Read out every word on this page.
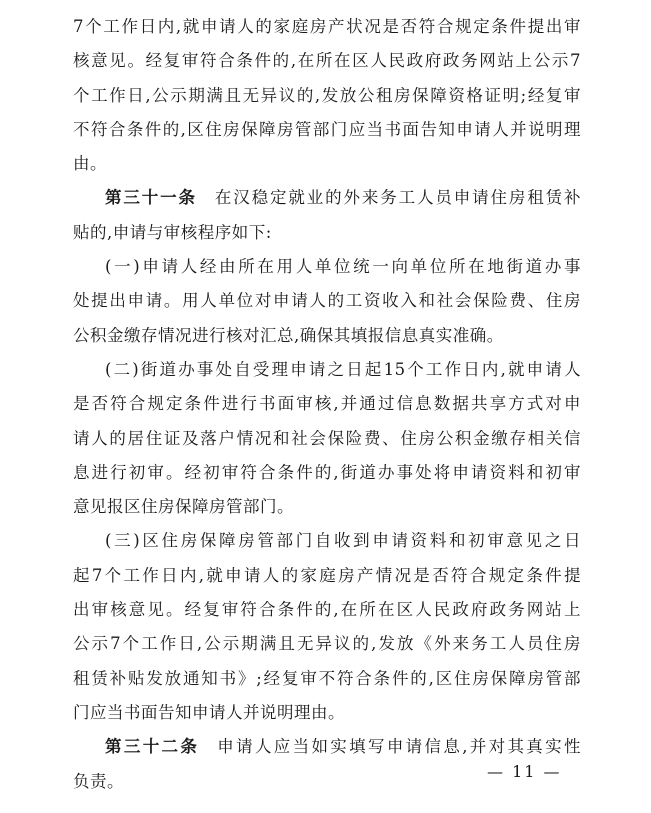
7个工作日内,就申请人的家庭房产状况是否符合规定条件提出审
核意见。经复审符合条件的,在所在区人民政府政务网站上公示7
个工作日,公示期满且无异议的,发放公租房保障资格证明;经复审
不符合条件的,区住房保障房管部门应当书面告知申请人并说明理
由。
第三十一条 在汉稳定就业的外来务工人员申请住房租赁补
贴的,申请与审核程序如下:
(一)申请人经由所在用人单位统一向单位所在地街道办事
处提出申请。用人单位对申请人的工资收入和社会保险费、住房
公积金缴存情况进行核对汇总,确保其填报信息真实准确。
(二)街道办事处自受理申请之日起15个工作日内,就申请人
是否符合规定条件进行书面审核,并通过信息数据共享方式对申
请人的居住证及落户情况和社会保险费、住房公积金缴存相关信
息进行初审。经初审符合条件的,街道办事处将申请资料和初审
意见报区住房保障房管部门。
(三)区住房保障房管部门自收到申请资料和初审意见之日
起7个工作日内,就申请人的家庭房产情况是否符合规定条件提
出审核意见。经复审符合条件的,在所在区人民政府政务网站上
公示7个工作日,公示期满且无异议的,发放《外来务工人员住房
租赁补贴发放通知书》;经复审不符合条件的,区住房保障房管部
门应当书面告知申请人并说明理由。
第三十二条 申请人应当如实填写申请信息,并对其真实性
负责。
— 11 —
